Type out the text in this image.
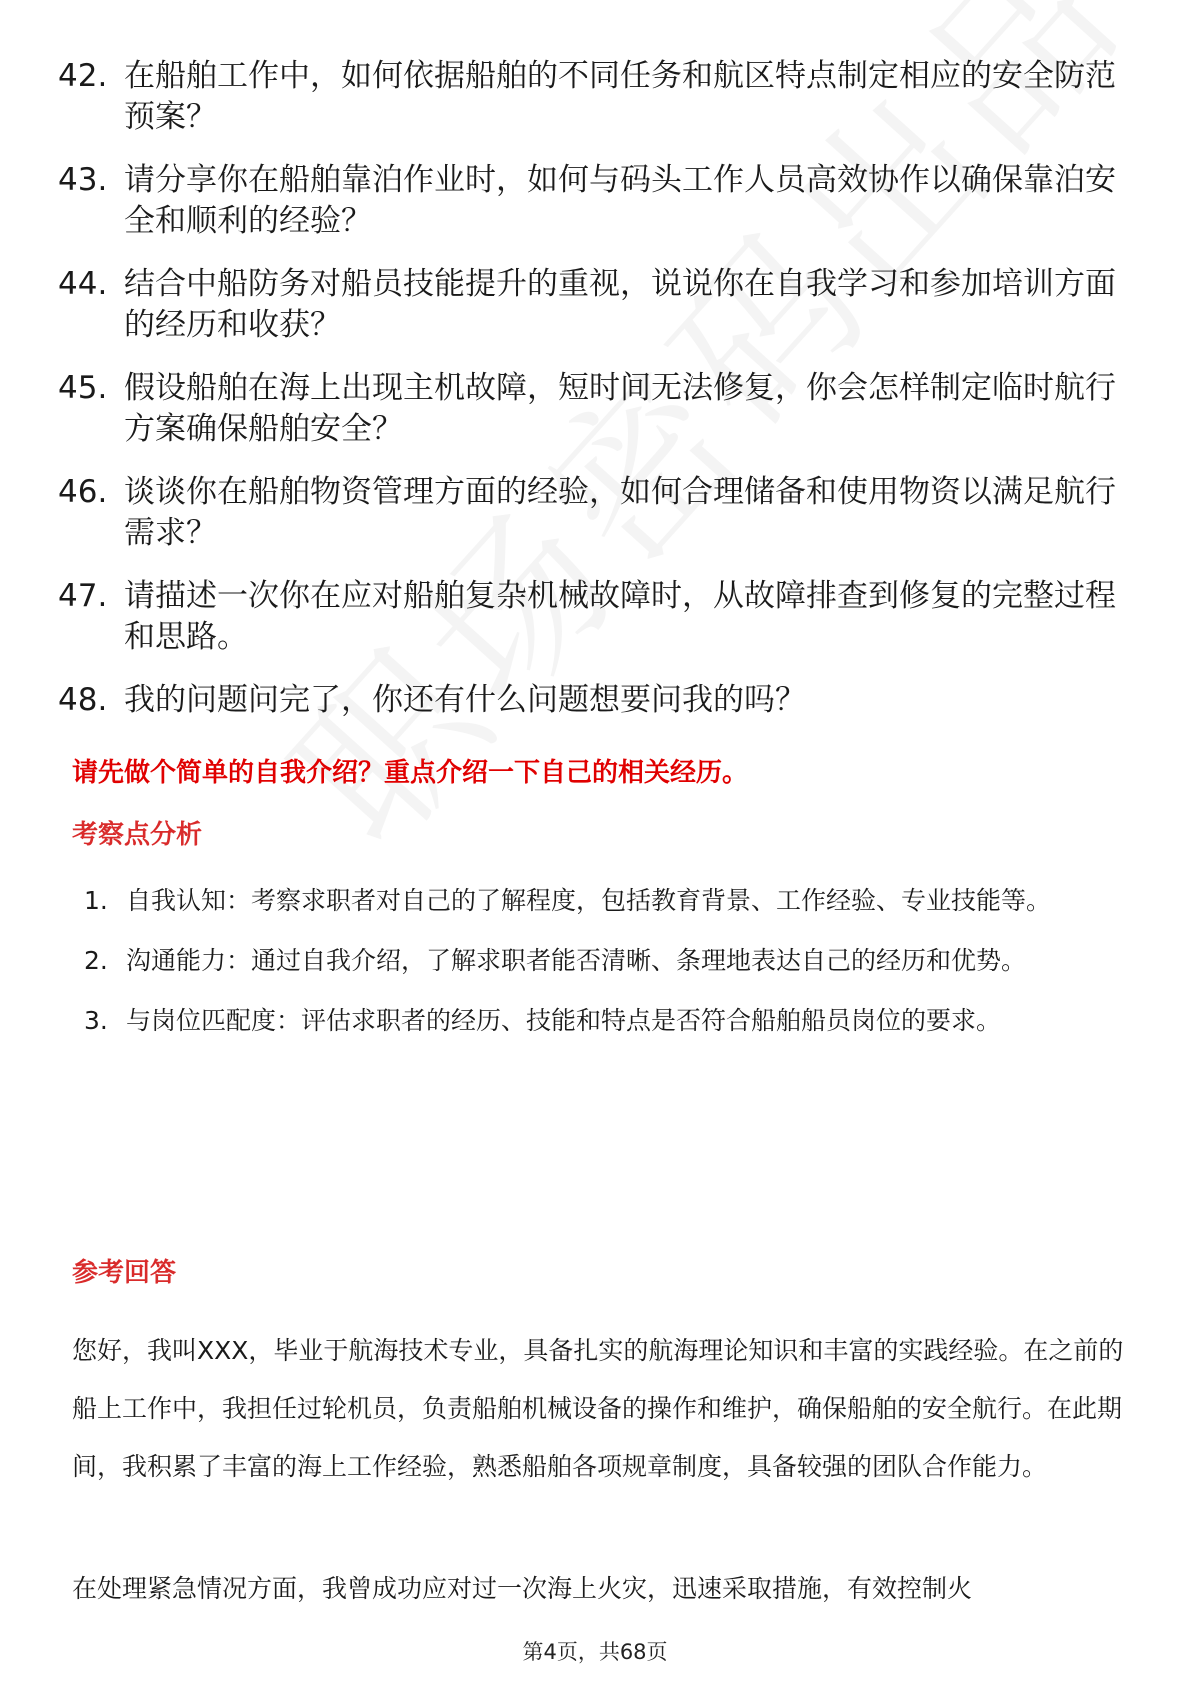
42. 在船舶工作中，如何依据船舶的不同任务和航区特点制定相应的安全防范预案？
43. 请分享你在船舶靠泊作业时，如何与码头工作人员高效协作以确保靠泊安全和顺利的经验？
44. 结合中船防务对船员技能提升的重视，说说你在自我学习和参加培训方面的经历和收获？
45. 假设船舶在海上出现主机故障，短时间无法修复，你会怎样制定临时航行方案确保船舶安全？
46. 谈谈你在船舶物资管理方面的经验，如何合理储备和使用物资以满足航行需求？
47. 请描述一次你在应对船舶复杂机械故障时，从故障排查到修复的完整过程和思路。
48. 我的问题问完了，你还有什么问题想要问我的吗？
请先做个简单的自我介绍？重点介绍一下自己的相关经历。
考察点分析
1. 自我认知：考察求职者对自己的了解程度，包括教育背景、工作经验、专业技能等。
2. 沟通能力：通过自我介绍，了解求职者能否清晰、条理地表达自己的经历和优势。
3. 与岗位匹配度：评估求职者的经历、技能和特点是否符合船舶船员岗位的要求。
参考回答
您好，我叫XXX，毕业于航海技术专业，具备扎实的航海理论知识和丰富的实践经验。在之前的船上工作中，我担任过轮机员，负责船舶机械设备的操作和维护，确保船舶的安全航行。在此期间，我积累了丰富的海上工作经验，熟悉船舶各项规章制度，具备较强的团队合作能力。
在处理紧急情况方面，我曾成功应对过一次海上火灾，迅速采取措施，有效控制火
第4页，共68页
